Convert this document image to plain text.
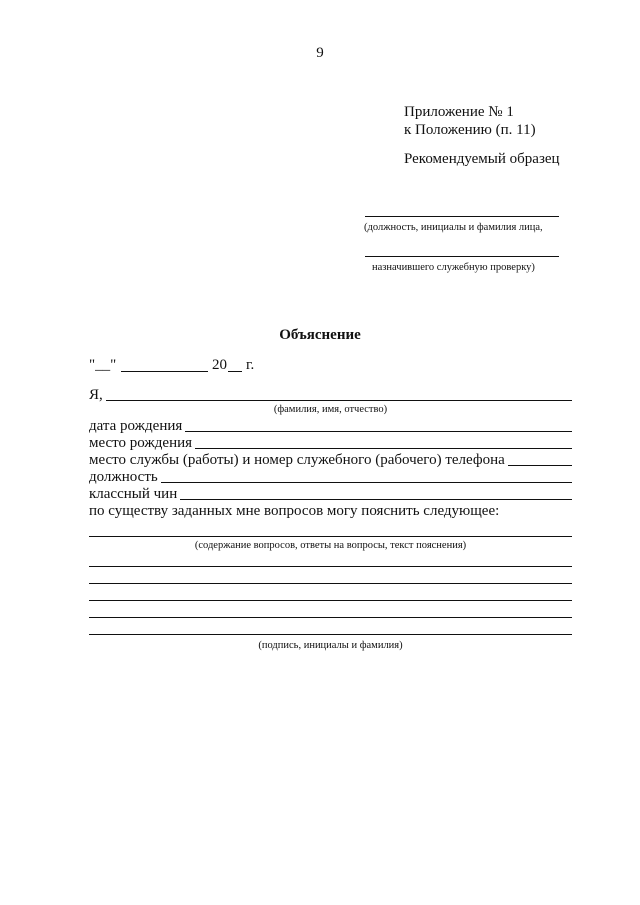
9
Приложение № 1
к Положению (п. 11)
Рекомендуемый образец
(должность, инициалы и фамилия лица,
назначившего служебную проверку)
Объяснение
"__"	20 г.
Я,
(фамилия, имя, отчество)
дата рождения
место рождения
место службы (работы) и номер служебного (рабочего) телефона
должность
классный чин
по существу заданных мне вопросов могу пояснить следующее:
(содержание вопросов, ответы на вопросы, текст пояснения)
(подпись, инициалы и фамилия)
